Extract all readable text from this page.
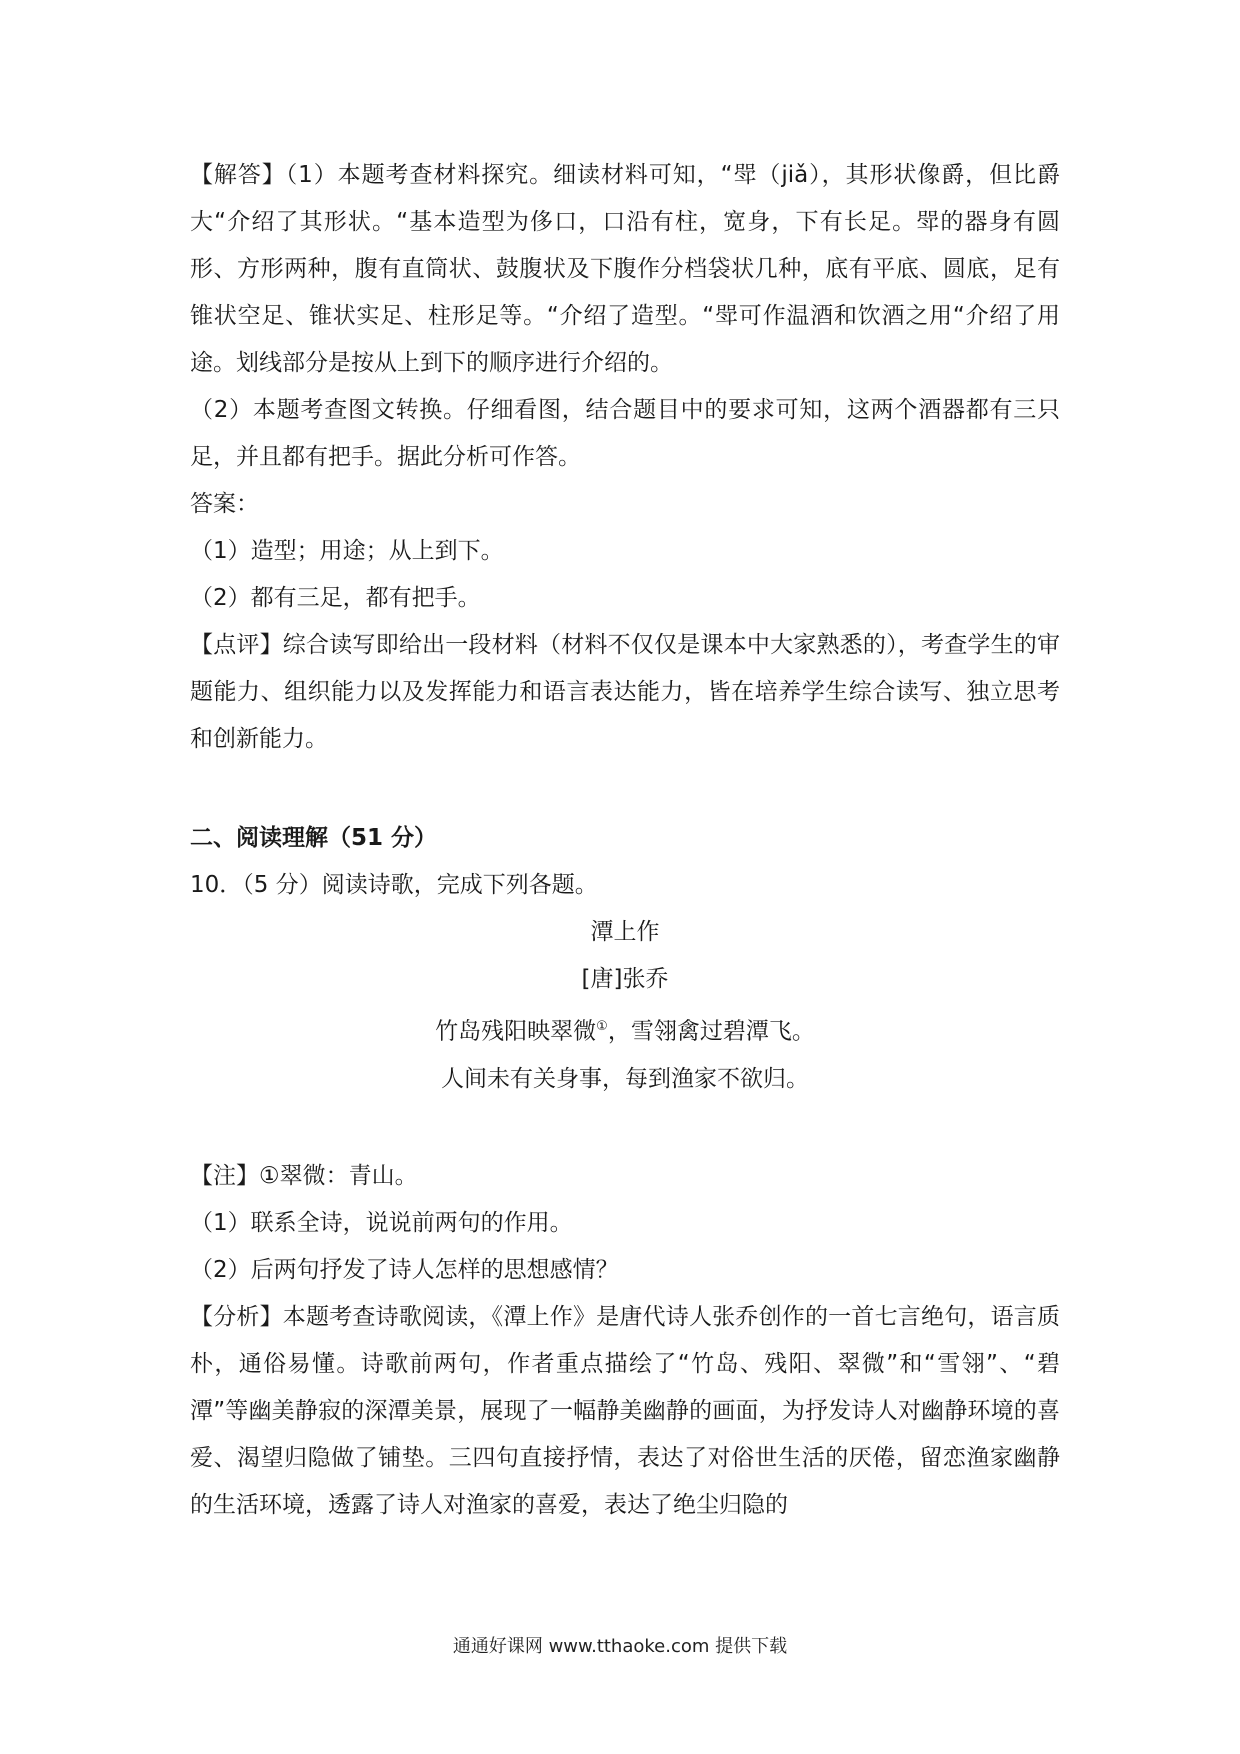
【解答】（1）本题考查材料探究。细读材料可知，“斝（jiǎ），其形状像爵，但比爵大“介绍了其形状。“基本造型为侈口，口沿有柱，宽身，下有长足。斝的器身有圆形、方形两种，腹有直筒状、鼓腹状及下腹作分档袋状几种，底有平底、圆底，足有锥状空足、锥状实足、柱形足等。“介绍了造型。“斝可作温酒和饮酒之用“介绍了用途。划线部分是按从上到下的顺序进行介绍的。

（2）本题考查图文转换。仔细看图，结合题目中的要求可知，这两个酒器都有三只足，并且都有把手。据此分析可作答。

答案：

（1）造型；用途；从上到下。

（2）都有三足，都有把手。

【点评】综合读写即给出一段材料（材料不仅仅是课本中大家熟悉的），考查学生的审题能力、组织能力以及发挥能力和语言表达能力，皆在培养学生综合读写、独立思考和创新能力。

二、阅读理解（51 分）

10．（5 分）阅读诗歌，完成下列各题。

潭上作

[唐]张乔

竹岛残阳映翠微①，雪翎禽过碧潭飞。

人间未有关身事，每到渔家不欲归。

【注】①翠微：青山。

（1）联系全诗，说说前两句的作用。

（2）后两句抒发了诗人怎样的思想感情？

【分析】本题考查诗歌阅读，《潭上作》是唐代诗人张乔创作的一首七言绝句，语言质朴，通俗易懂。诗歌前两句，作者重点描绘了“竹岛、残阳、翠微”和“雪翎”、“碧潭”等幽美静寂的深潭美景，展现了一幅静美幽静的画面，为抒发诗人对幽静环境的喜爱、渴望归隐做了铺垫。三四句直接抒情，表达了对俗世生活的厌倦，留恋渔家幽静的生活环境，透露了诗人对渔家的喜爱，表达了绝尘归隐的

通通好课网 www.tthaoke.com 提供下载
